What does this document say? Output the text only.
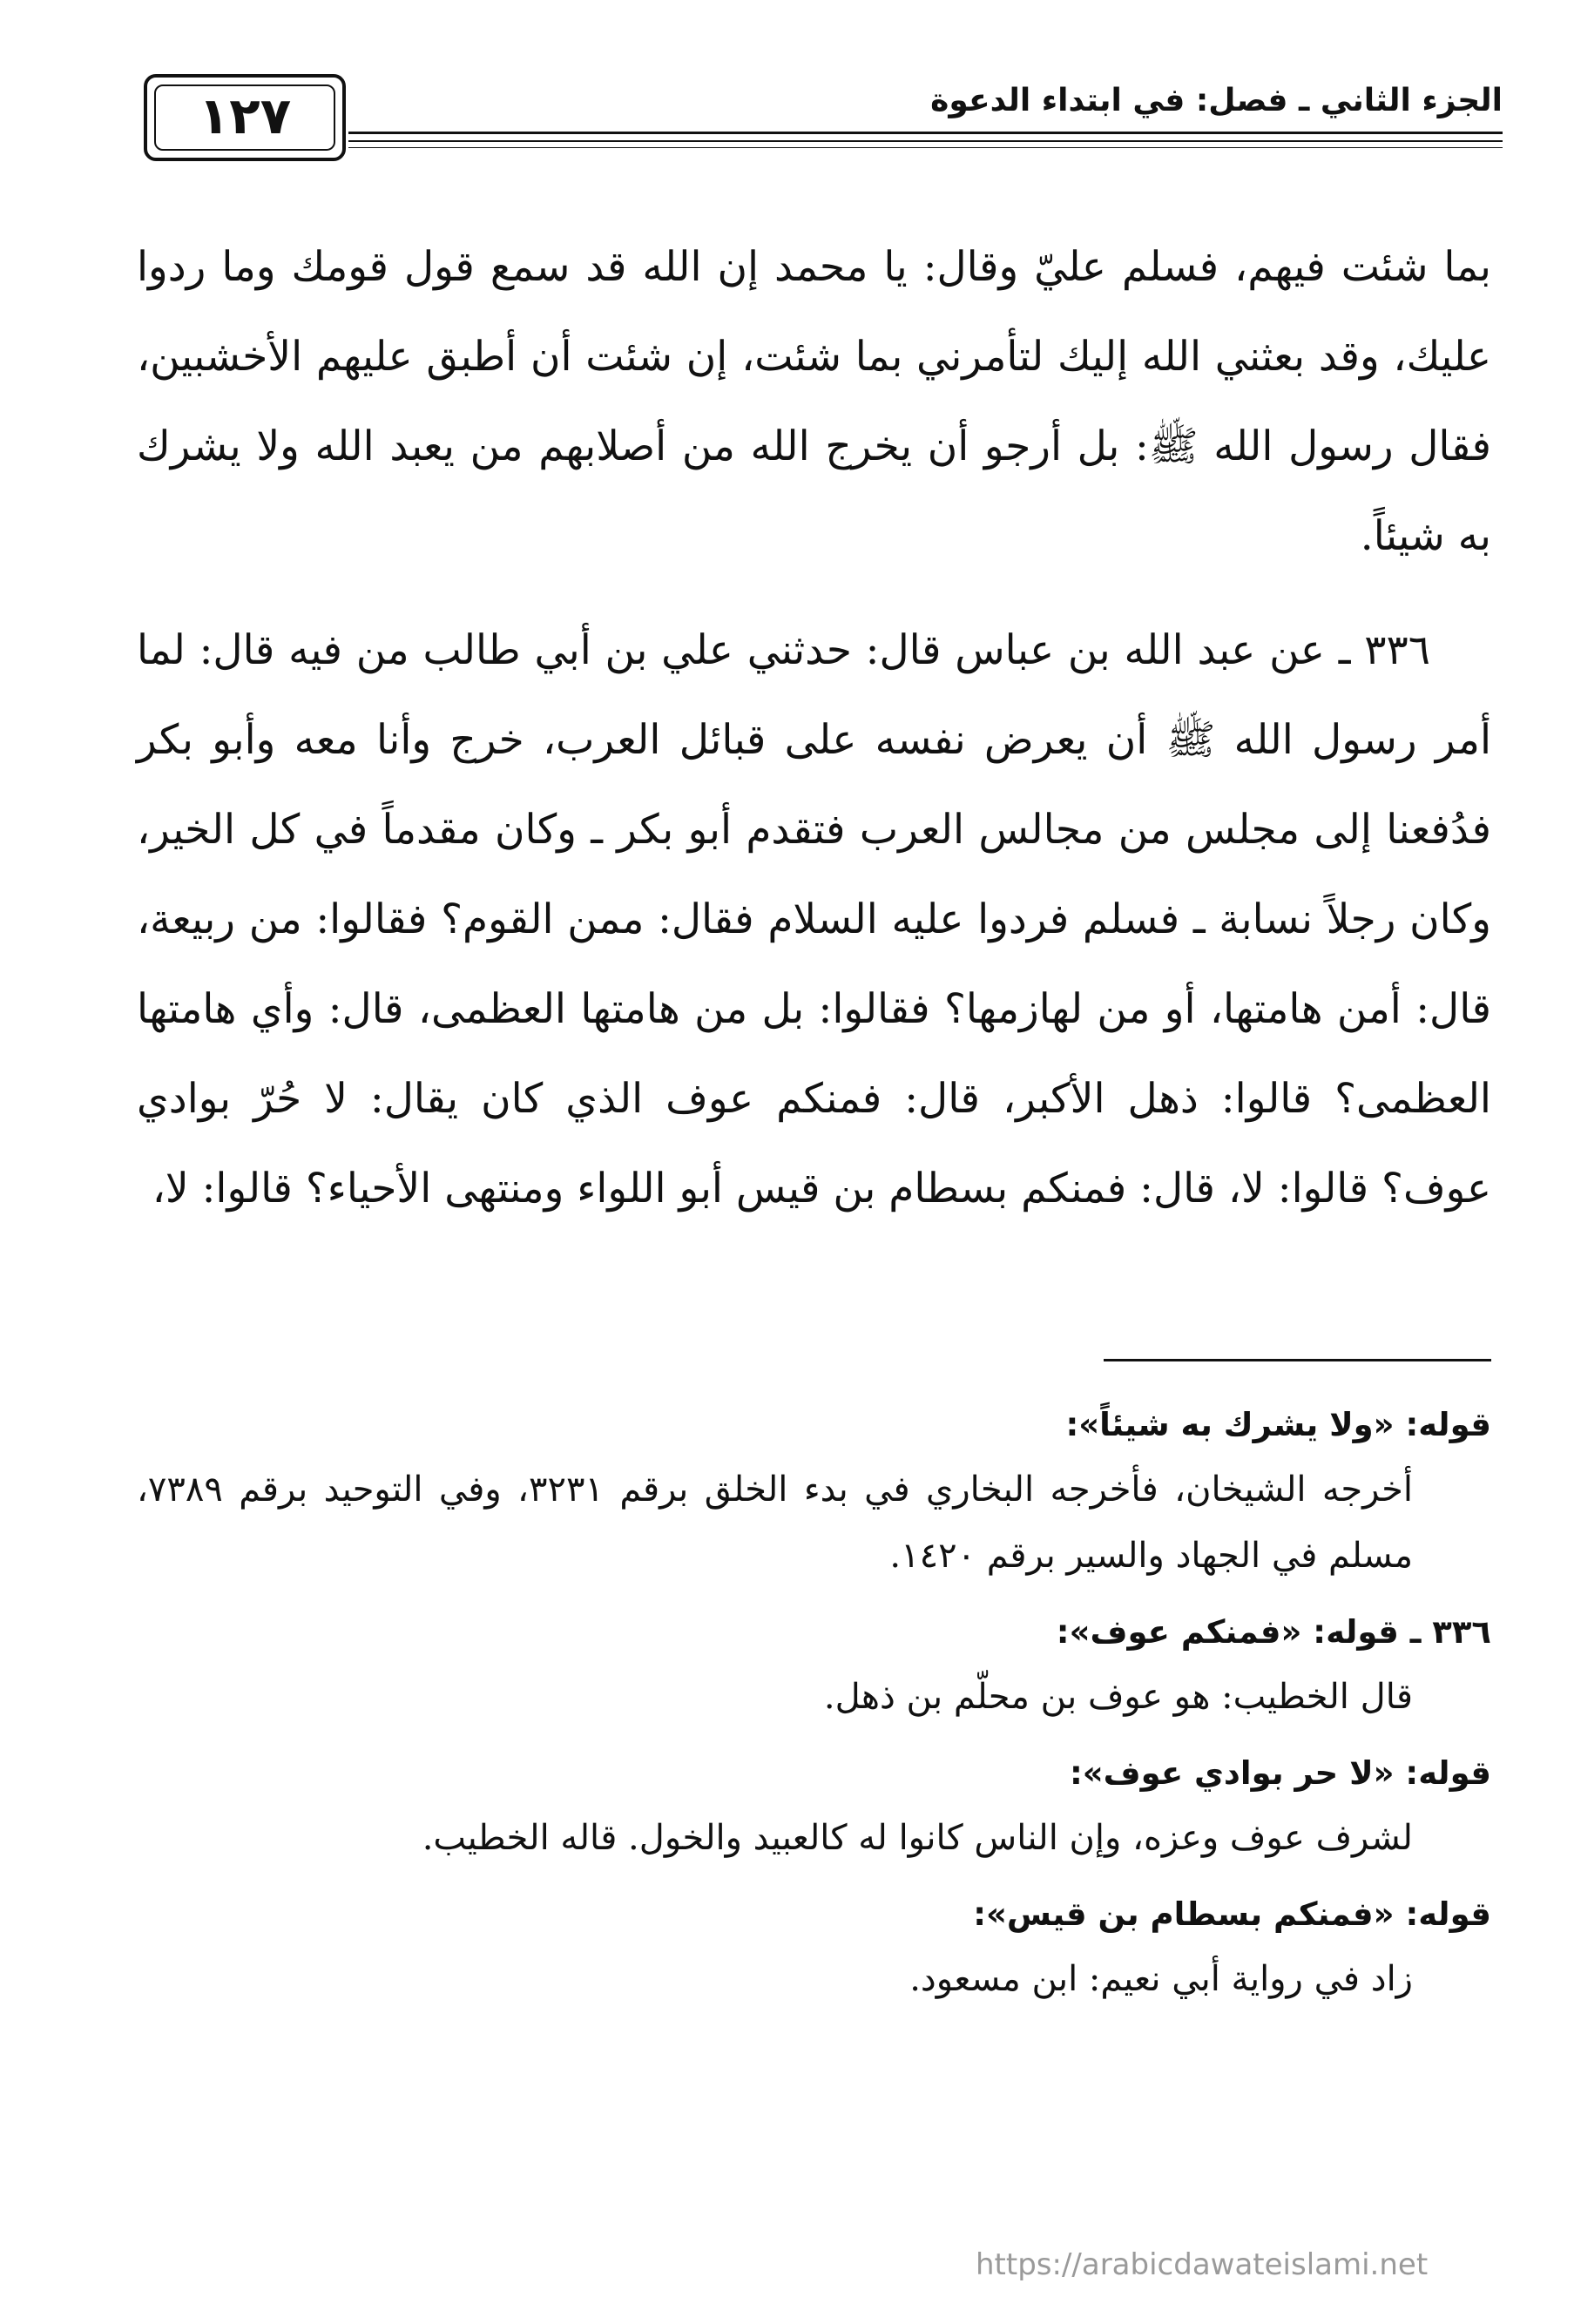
الجزء الثاني ـ فصل: في ابتداء الدعوة
١٢٧

بما شئت فيهم، فسلم عليّ وقال: يا محمد إن الله قد سمع قول قومك وما ردوا عليك، وقد بعثني الله إليك لتأمرني بما شئت، إن شئت أن أطبق عليهم الأخشبين، فقال رسول الله ﷺ: بل أرجو أن يخرج الله من أصلابهم من يعبد الله ولا يشرك به شيئاً.

٣٣٦ ـ عن عبد الله بن عباس قال: حدثني علي بن أبي طالب من فيه قال: لما أمر رسول الله ﷺ أن يعرض نفسه على قبائل العرب، خرج وأنا معه وأبو بكر فدُفعنا إلى مجلس من مجالس العرب فتقدم أبو بكر ـ وكان مقدماً في كل الخير، وكان رجلاً نسابة ـ فسلم فردوا عليه السلام فقال: ممن القوم؟ فقالوا: من ربيعة، قال: أمن هامتها، أو من لهازمها؟ فقالوا: بل من هامتها العظمى، قال: وأي هامتها العظمى؟ قالوا: ذهل الأكبر، قال: فمنكم عوف الذي كان يقال: لا حُرّ بوادي عوف؟ قالوا: لا، قال: فمنكم بسطام بن قيس أبو اللواء ومنتهى الأحياء؟ قالوا: لا،

قوله: «ولا يشرك به شيئاً»:

أخرجه الشيخان، فأخرجه البخاري في بدء الخلق برقم ٣٢٣١، وفي التوحيد برقم ٧٣٨٩، مسلم في الجهاد والسير برقم ١٤٢٠.

٣٣٦ ـ قوله: «فمنكم عوف»:

قال الخطيب: هو عوف بن محلّم بن ذهل.

قوله: «لا حر بوادي عوف»:

لشرف عوف وعزه، وإن الناس كانوا له كالعبيد والخول. قاله الخطيب.

قوله: «فمنكم بسطام بن قيس»:

زاد في رواية أبي نعيم: ابن مسعود.

https://arabicdawateislami.net
